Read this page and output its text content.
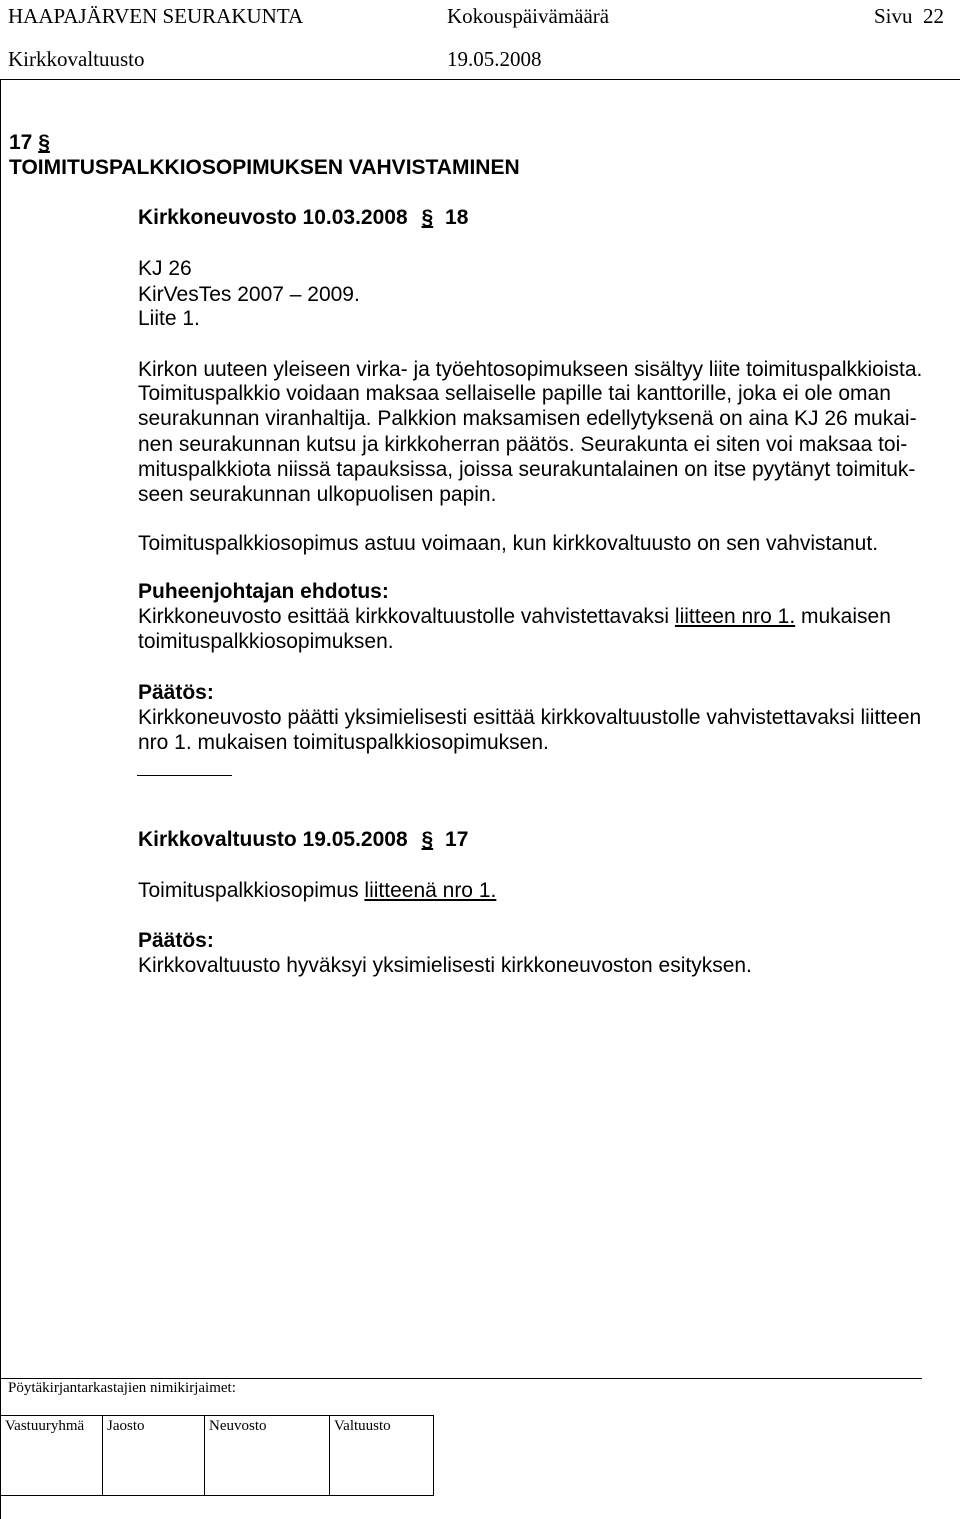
HAAPAJÄRVEN SEURAKUNTA	Kokouspäivämäärä	Sivu  22
Kirkkovaltuusto	19.05.2008
17 §
TOIMITUSPALKKIOSOPIMUKSEN VAHVISTAMINEN
Kirkkoneuvosto 10.03.2008 § 18
KJ 26
KirVesTes 2007 – 2009.
Liite 1.
Kirkon uuteen yleiseen virka- ja työehtosopimukseen sisältyy liite toimituspalkkioista.
Toimituspalkkio voidaan maksaa sellaiselle papille tai kanttorille, joka ei ole oman
seurakunnan viranhaltija. Palkkion maksamisen edellytyksenä on aina KJ 26 mukai-
nen seurakunnan kutsu ja kirkkoherran päätös. Seurakunta ei siten voi maksaa toi-
mituspalkkiota niissä tapauksissa, joissa seurakuntalainen on itse pyytänyt toimituk-
seen seurakunnan ulkopuolisen papin.
Toimituspalkkiosopimus astuu voimaan, kun kirkkovaltuusto on sen vahvistanut.
Puheenjohtajan ehdotus:
Kirkkoneuvosto esittää kirkkovaltuustolle vahvistettavaksi liitteen nro 1. mukaisen
toimituspalkkiosopimuksen.
Päätös:
Kirkkoneuvosto päätti yksimielisesti esittää kirkkovaltuustolle vahvistettavaksi liitteen
nro 1. mukaisen toimituspalkkiosopimuksen.
Kirkkovaltuusto 19.05.2008 § 17
Toimituspalkkiosopimus liitteenä nro 1.
Päätös:
Kirkkovaltuusto hyväksyi yksimielisesti kirkkoneuvoston esityksen.
Pöytäkirjantarkastajien nimikirjaimet:
Vastuuryhmä	Jaosto	Neuvosto	Valtuusto
